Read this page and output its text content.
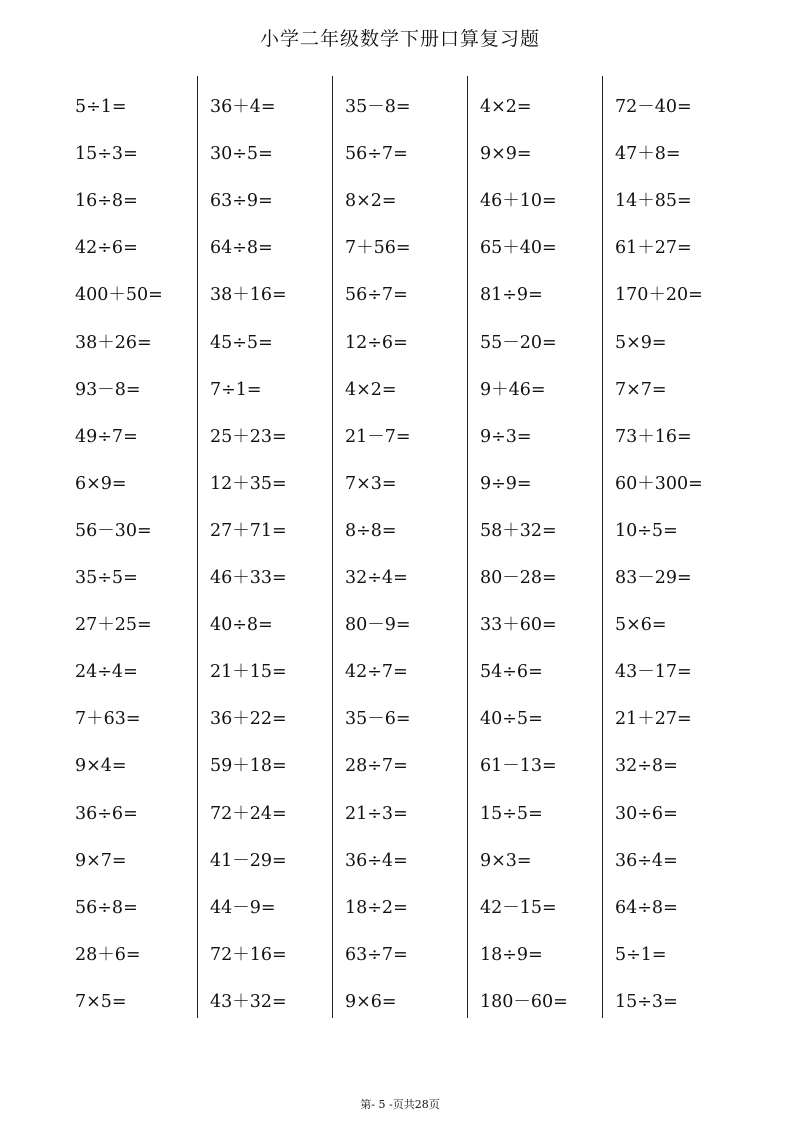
小学二年级数学下册口算复习题
5÷1=
15÷3=
16÷8=
42÷6=
400＋50=
38＋26=
93－8=
49÷7=
6×9=
56－30=
35÷5=
27＋25=
24÷4=
7＋63=
9×4=
36÷6=
9×7=
56÷8=
28＋6=
7×5=
36＋4=
30÷5=
63÷9=
64÷8=
38＋16=
45÷5=
7÷1=
25＋23=
12＋35=
27＋71=
46＋33=
40÷8=
21＋15=
36＋22=
59＋18=
72＋24=
41－29=
44－9=
72＋16=
43＋32=
35－8=
56÷7=
8×2=
7＋56=
56÷7=
12÷6=
4×2=
21－7=
7×3=
8÷8=
32÷4=
80－9=
42÷7=
35－6=
28÷7=
21÷3=
36÷4=
18÷2=
63÷7=
9×6=
4×2=
9×9=
46＋10=
65＋40=
81÷9=
55－20=
9＋46=
9÷3=
9÷9=
58＋32=
80－28=
33＋60=
54÷6=
40÷5=
61－13=
15÷5=
9×3=
42－15=
18÷9=
180－60=
72－40=
47＋8=
14＋85=
61＋27=
170＋20=
5×9=
7×7=
73＋16=
60＋300=
10÷5=
83－29=
5×6=
43－17=
21＋27=
32÷8=
30÷6=
36÷4=
64÷8=
5÷1=
15÷3=
第- 5 -页共28页
